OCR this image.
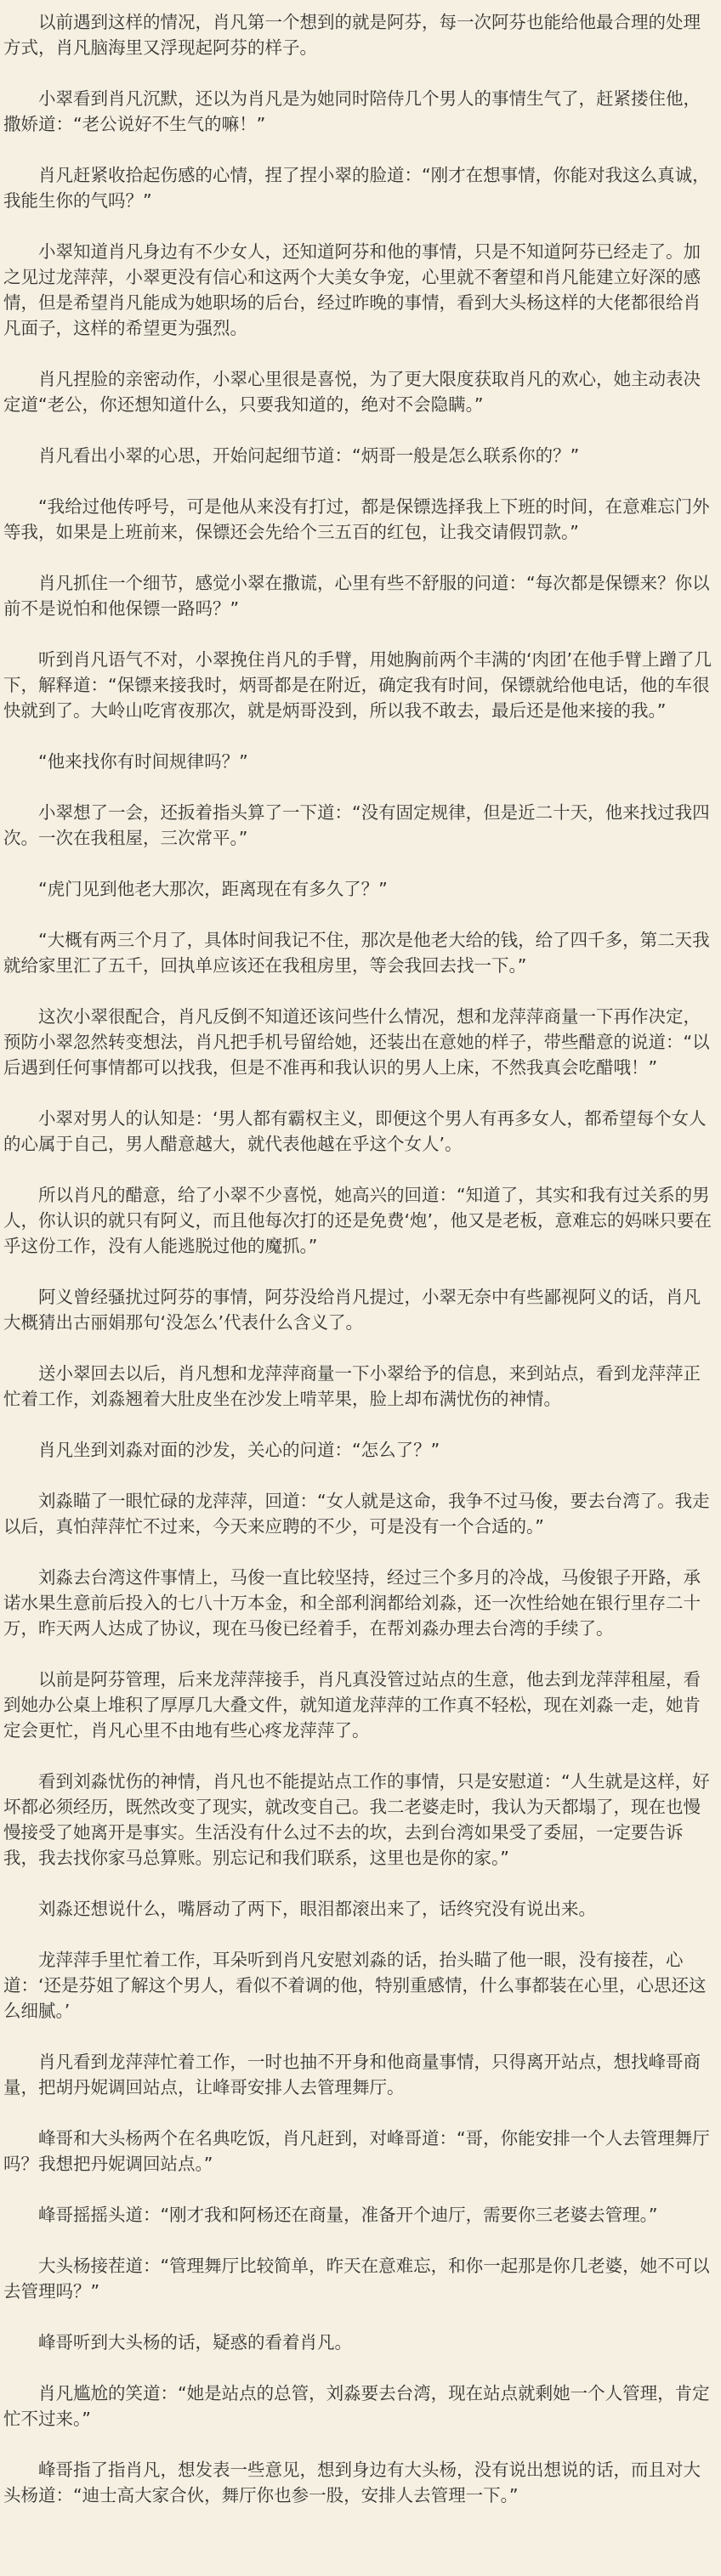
以前遇到这样的情况，肖凡第一个想到的就是阿芬，每一次阿芬也能给他最合理的处理方式，肖凡脑海里又浮现起阿芬的样子。

小翠看到肖凡沉默，还以为肖凡是为她同时陪侍几个男人的事情生气了，赶紧搂住他，撒娇道：“老公说好不生气的嘛！”

肖凡赶紧收拾起伤感的心情，捏了捏小翠的脸道：“刚才在想事情，你能对我这么真诚，我能生你的气吗？”

小翠知道肖凡身边有不少女人，还知道阿芬和他的事情，只是不知道阿芬已经走了。加之见过龙萍萍，小翠更没有信心和这两个大美女争宠，心里就不奢望和肖凡能建立好深的感情，但是希望肖凡能成为她职场的后台，经过昨晚的事情，看到大头杨这样的大佬都很给肖凡面子，这样的希望更为强烈。

肖凡捏脸的亲密动作，小翠心里很是喜悦，为了更大限度获取肖凡的欢心，她主动表决定道“老公，你还想知道什么，只要我知道的，绝对不会隐瞒。”

肖凡看出小翠的心思，开始问起细节道：“炳哥一般是怎么联系你的？”

“我给过他传呼号，可是他从来没有打过，都是保镖选择我上下班的时间，在意难忘门外等我，如果是上班前来，保镖还会先给个三五百的红包，让我交请假罚款。”

肖凡抓住一个细节，感觉小翠在撒谎，心里有些不舒服的问道：“每次都是保镖来？你以前不是说怕和他保镖一路吗？”

听到肖凡语气不对，小翠挽住肖凡的手臂，用她胸前两个丰满的‘肉团’在他手臂上蹭了几下，解释道：“保镖来接我时，炳哥都是在附近，确定我有时间，保镖就给他电话，他的车很快就到了。大岭山吃宵夜那次，就是炳哥没到，所以我不敢去，最后还是他来接的我。”

“他来找你有时间规律吗？”

小翠想了一会，还扳着指头算了一下道：“没有固定规律，但是近二十天，他来找过我四次。一次在我租屋，三次常平。”

“虎门见到他老大那次，距离现在有多久了？”

“大概有两三个月了，具体时间我记不住，那次是他老大给的钱，给了四千多，第二天我就给家里汇了五千，回执单应该还在我租房里，等会我回去找一下。”

这次小翠很配合，肖凡反倒不知道还该问些什么情况，想和龙萍萍商量一下再作决定，预防小翠忽然转变想法，肖凡把手机号留给她，还装出在意她的样子，带些醋意的说道：“以后遇到任何事情都可以找我，但是不准再和我认识的男人上床，不然我真会吃醋哦！”

小翠对男人的认知是：‘男人都有霸权主义，即便这个男人有再多女人，都希望每个女人的心属于自己，男人醋意越大，就代表他越在乎这个女人’。

所以肖凡的醋意，给了小翠不少喜悦，她高兴的回道：“知道了，其实和我有过关系的男人，你认识的就只有阿义，而且他每次打的还是免费‘炮’，他又是老板，意难忘的妈咪只要在乎这份工作，没有人能逃脱过他的魔抓。”

阿义曾经骚扰过阿芬的事情，阿芬没给肖凡提过，小翠无奈中有些鄙视阿义的话，肖凡大概猜出古丽娟那句‘没怎么’代表什么含义了。

送小翠回去以后，肖凡想和龙萍萍商量一下小翠给予的信息，来到站点，看到龙萍萍正忙着工作，刘淼翘着大肚皮坐在沙发上啃苹果，脸上却布满忧伤的神情。

肖凡坐到刘淼对面的沙发，关心的问道：“怎么了？”

刘淼瞄了一眼忙碌的龙萍萍，回道：“女人就是这命，我争不过马俊，要去台湾了。我走以后，真怕萍萍忙不过来，今天来应聘的不少，可是没有一个合适的。”

刘淼去台湾这件事情上，马俊一直比较坚持，经过三个多月的冷战，马俊银子开路，承诺水果生意前后投入的七八十万本金，和全部利润都给刘淼，还一次性给她在银行里存二十万，昨天两人达成了协议，现在马俊已经着手，在帮刘淼办理去台湾的手续了。

以前是阿芬管理，后来龙萍萍接手，肖凡真没管过站点的生意，他去到龙萍萍租屋，看到她办公桌上堆积了厚厚几大叠文件，就知道龙萍萍的工作真不轻松，现在刘淼一走，她肯定会更忙，肖凡心里不由地有些心疼龙萍萍了。

看到刘淼忧伤的神情，肖凡也不能提站点工作的事情，只是安慰道：“人生就是这样，好坏都必须经历，既然改变了现实，就改变自己。我二老婆走时，我认为天都塌了，现在也慢慢接受了她离开是事实。生活没有什么过不去的坎，去到台湾如果受了委屈，一定要告诉我，我去找你家马总算账。别忘记和我们联系，这里也是你的家。”

刘淼还想说什么，嘴唇动了两下，眼泪都滚出来了，话终究没有说出来。

龙萍萍手里忙着工作，耳朵听到肖凡安慰刘淼的话，抬头瞄了他一眼，没有接茬，心道：‘还是芬姐了解这个男人，看似不着调的他，特别重感情，什么事都装在心里，心思还这么细腻。’

肖凡看到龙萍萍忙着工作，一时也抽不开身和他商量事情，只得离开站点，想找峰哥商量，把胡丹妮调回站点，让峰哥安排人去管理舞厅。

峰哥和大头杨两个在名典吃饭，肖凡赶到，对峰哥道：“哥，你能安排一个人去管理舞厅吗？我想把丹妮调回站点。”

峰哥摇摇头道：“刚才我和阿杨还在商量，准备开个迪厅，需要你三老婆去管理。”

大头杨接茬道：“管理舞厅比较简单，昨天在意难忘，和你一起那是你几老婆，她不可以去管理吗？”

峰哥听到大头杨的话，疑惑的看着肖凡。

肖凡尴尬的笑道：“她是站点的总管，刘淼要去台湾，现在站点就剩她一个人管理，肯定忙不过来。”

峰哥指了指肖凡，想发表一些意见，想到身边有大头杨，没有说出想说的话，而且对大头杨道：“迪士高大家合伙，舞厅你也参一股，安排人去管理一下。”
